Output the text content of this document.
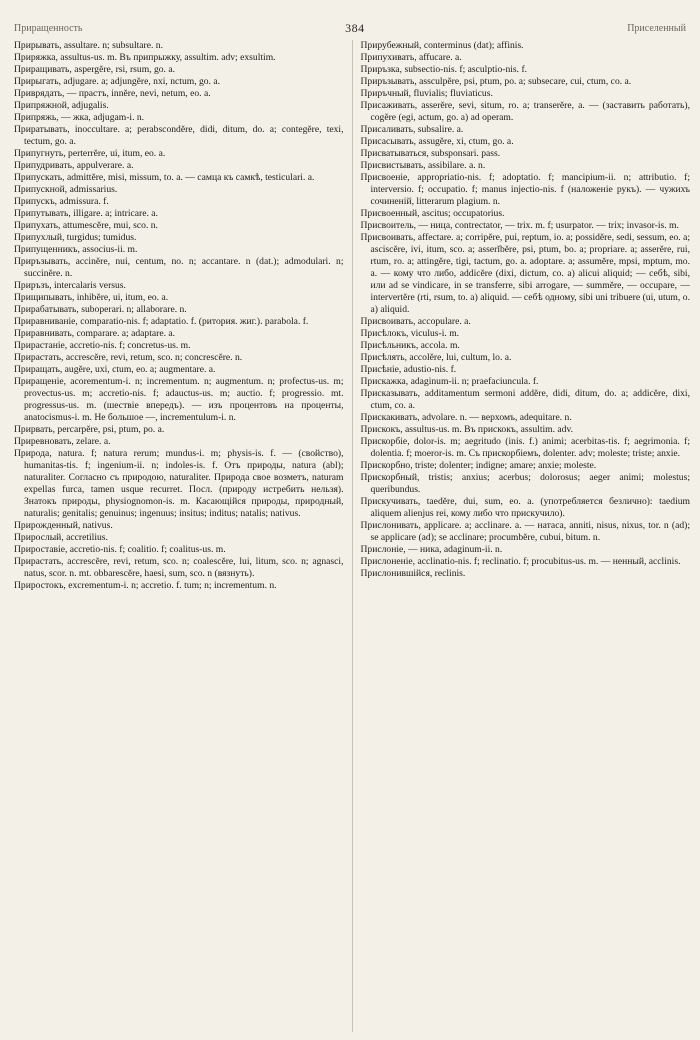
Приращенность	384	Приселенный

Прирывать, assultare. n; subsultare. n.

Приряжка, assultus-us. m. Въ припрыжку, assultim. adv; exsultim.

Приращивать, aspergĕre, rsi, rsum, go. a.

Прирыгать, adjugare. a; adjungĕre, nxi, nctum, go. a.

Приврядать, — прастъ, innĕre, nevi, netum, eo. a.

Припряжной, adjugalis.

Припряжь, — жка, adjugam-i. n.

Приратывать, inoccultare. a; perabscondĕre, didi, ditum, do. a; contegĕre, texi, tectum, go. a.

Припугнуть, perterrĕre, ui, itum, eo. a.

Припудривать, appulverare. a.

Припускать, admittĕre, misi, missum, to. a. — самца къ самкѣ, testiculari. a.

Припускной, admissarius.

Припускъ, admissura. f.

Припутывать, illigare. a; intricare. a.

Припухать, attumescĕre, mui, sco. n.

Припухлый, turgidus; tumidus.

Припущенникъ, associus-ii. m.

Приръзывать, accinĕre, nui, centum, no. n; accantare. n (dat.); admodulari. n; succinĕre. n.

Приръзъ, intercalaris versus.

Прищипывать, inhibĕre, ui, itum, eo. a.

Прирабатывать, suboperari. n; allaborare. n.

Приравниваніе, comparatio-nis. f; adaptatio. f. (ритория. жиг.). parabola. f.

Приравнивать, comparare. a; adaptare. a.

Прирастаніе, accretio-nis. f; concretus-us. m.

Прирастать, accrescĕre, revi, retum, sco. n; concrescĕre. n.

Приращать, augĕre, uxi, ctum, eo. a; augmentare. a.

Приращеніе, acorementum-i. n; incrementum. n; augmentum. n; profectus-us. m; provectus-us. m; accretio-nis. f; adauctus-us. m; auctio. f; progressio. mt. progressus-us. m. (шествіе впередъ). — изъ процентовъ на проценты, anatocismus-i. m. Не большое —, incrementulum-i. n.

Прирвать, percarpĕre, psi, ptum, po. a.

Приревновать, zelare. a.

Природа, natura. f; natura rerum; mundus-i. m; physis-is. f. — (свойство), humanitas-tis. f; ingenium-ii. n; indoles-is. f. Отъ природы, natura (abl); naturaliter. Согласно съ природою, naturaliter. Природа свое возметъ, naturam expellas furca, tamen usque recurret. Посл. (природу истребить нельзя). Знатокъ природы, physiognomon-is. m. Касающійся природы, природный, naturalis; genitalis; genuinus; ingenuus; insitus; inditus; natalis; nativus.

Прирожденный, nativus.

Прирослый, accretilius.

Прироставіе, accretio-nis. f; coalitio. f; coalitus-us. m.

Прирастать, accrescĕre, revi, retum, sco. n; coalescĕre, lui, litum, sco. n; agnasci, natus, scor. n. mt. obbarescĕre, haesi, sum, sco. n (вязнуть).

Приростокъ, excrementum-i. n; accretio. f. tum; n; incrementum. n.

Прирубежный, conterminus (dat); affinis.

Припухивать, affucare. a.

Приръзка, subsectio-nis. f; asculptio-nis. f.

Приръзывать, assculpĕre, psi, ptum, po. a; subsecare, cui, ctum, co. a.

Приръчный, fluvialis; fluviaticus.

Присаживать, asserĕre, sevi, situm, ro. a; transerĕre, a. — (заставить работать), cogĕre (egi, actum, go. a) ad operam.

Присаливать, subsalire. a.

Присасывать, assugĕre, xi, ctum, go. a.

Присватываться, subsponsari. pass.

Присвистывать, assibilare. a. n.

Присвоеніе, appropriatio-nis. f; adoptatio. f; mancipium-ii. n; attributio. f; interversio. f; occupatio. f; manus injectio-nis. f (наложеніе рукъ). — чужихъ сочиненій, litterarum plagium. n.

Присвоенный, ascitus; occupatorius.

Присвоитель, — ница, contrectator, — trix. m. f; usurpator. — trix; invasor-is. m.

Присвоивать, affectare. a; corripĕre, pui, reptum, io. a; possidĕre, sedi, sessum, eo. a; asciscĕre, ivi, itum, sco. a; asserĭbĕre, psi, ptum, bo. a; propriare. a; asserĕre, rui, rtum, ro. a; attingĕre, tigi, tactum, go. a. adoptare. a; assumĕre, mpsi, mptum, mo. a. — кому что либо, addicĕre (dixi, dictum, co. a) alicui aliquid; — себѣ, sibi, или ad se vindicare, in se transferre, sibi arrogare, — summĕre, — occupare, — intervertĕre (rti, rsum, to. a) aliquid. — себѣ одному, sibi uni tribuere (ui, utum, o. a) aliquid.

Присвоивать, accopulare. a.

Присѣлокъ, viculus-i. m.

Присѣльникъ, accola. m.

Присѣлять, accolĕre, lui, cultum, lo. a.

Присѣніе, adustio-nis. f.

Прискажка, adaginum-ii. n; praefaciuncula. f.

Присказывать, additamentum sermoni addĕre, didi, ditum, do. a; addicĕre, dixi, ctum, co. a.

Прискакивать, advolare. n. — верхомъ, adequitare. n.

Прискокъ, assultus-us. m. Въ прискокъ, assultim. adv.

Прискорбіе, dolor-is. m; aegritudo (inis. f.) animi; acerbitas-tis. f; aegrimonia. f; dolentia. f; moeror-is. m. Съ прискорбіемъ, dolenter. adv; moleste; triste; anxie.

Прискорбно, triste; dolenter; indigne; amare; anxie; moleste.

Прискорбный, tristis; anxius; acerbus; dolorosus; aeger animi; molestus; queribundus.

Прискучивать, taedĕre, dui, sum, eo. a. (употребляется безлично): taedium aliquem alienjus rei, кому либо что прискучило).

Прислонивать, applicare. a; acclinare. a. — натаca, anniti, nisus, nixus, tor. n (ad); se applicare (ad); se acclinare; procumbĕre, cubui, bitum. n.

Прислоніе, — ника, adaginum-ii. n.

Прислоненіе, acclinatio-nis. f; reclinatio. f; procubitus-us. m. — ненный, acclinis.

Прислонившійся, reclinis.
